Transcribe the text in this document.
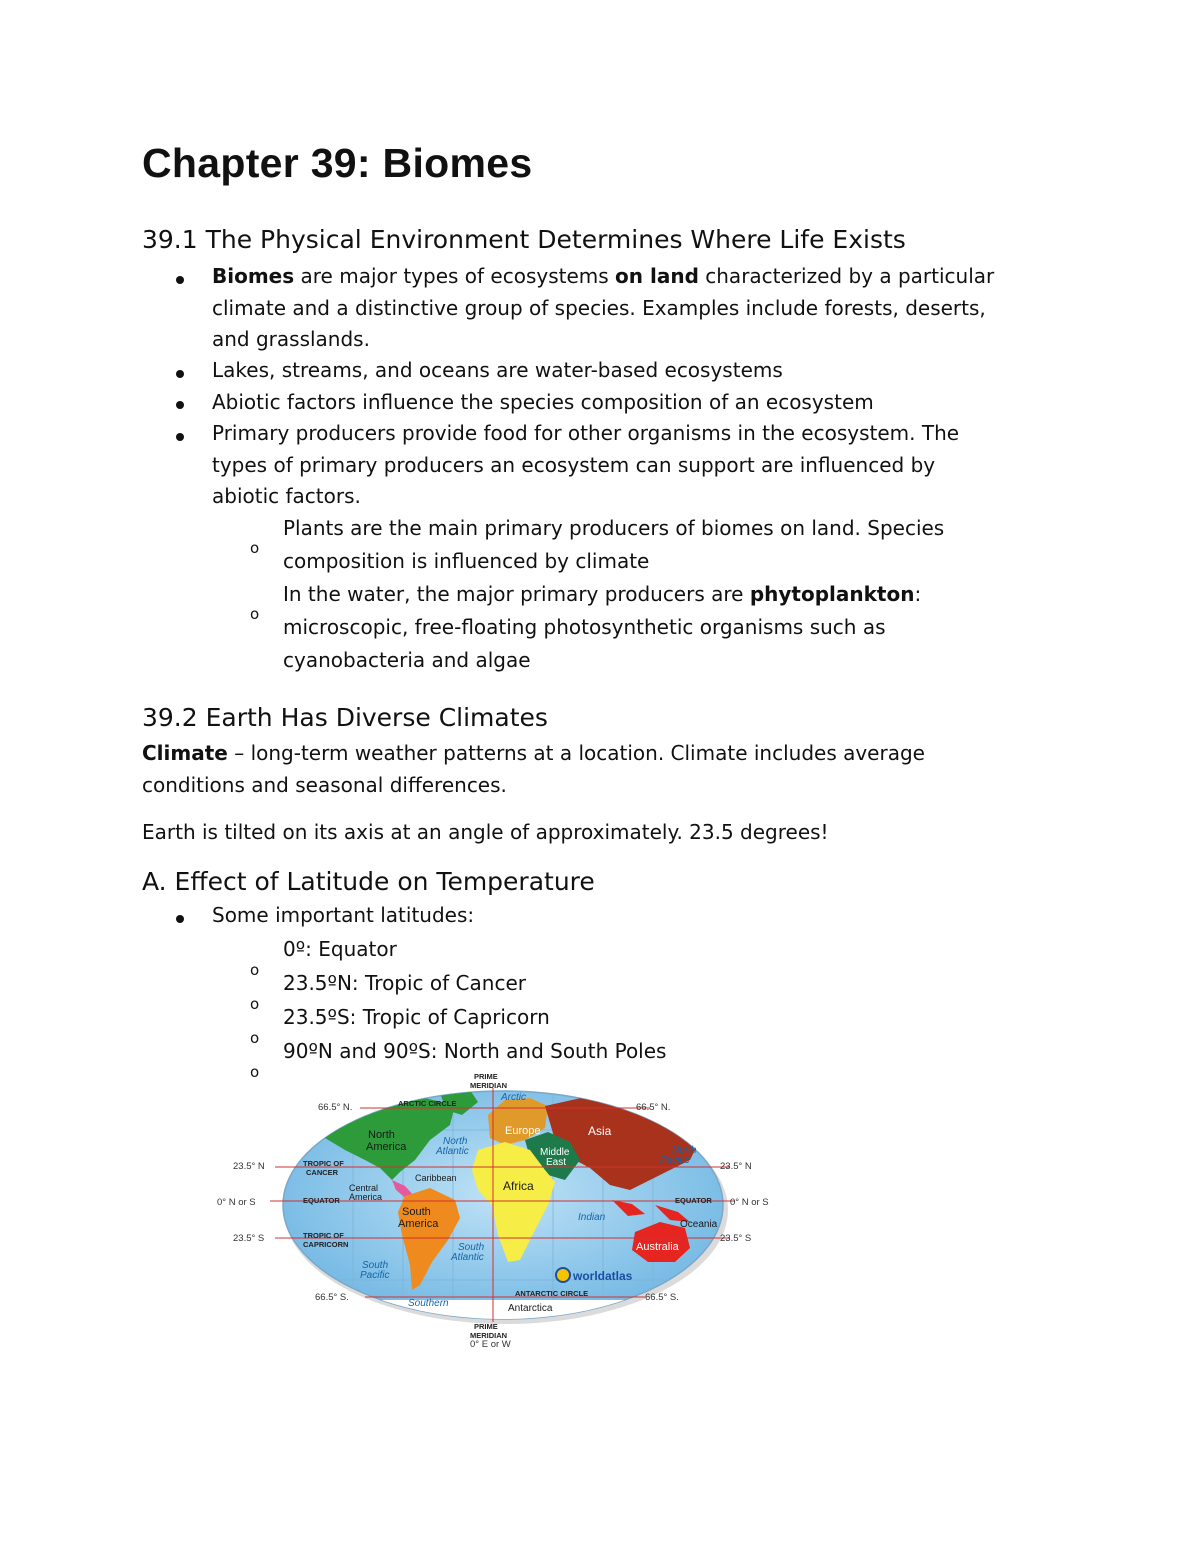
Chapter 39: Biomes
39.1 The Physical Environment Determines Where Life Exists
Biomes are major types of ecosystems on land characterized by a particular
climate and a distinctive group of species. Examples include forests, deserts,
and grasslands.
Lakes, streams, and oceans are water-based ecosystems
Abiotic factors influence the species composition of an ecosystem
Primary producers provide food for other organisms in the ecosystem. The
types of primary producers an ecosystem can support are influenced by
abiotic factors.
o
Plants are the main primary producers of biomes on land. Species
composition is influenced by climate
o
In the water, the major primary producers are phytoplankton:
microscopic, free-floating photosynthetic organisms such as
cyanobacteria and algae
39.2 Earth Has Diverse Climates
Climate – long-term weather patterns at a location. Climate includes average
conditions and seasonal differences.
Earth is tilted on its axis at an angle of approximately. 23.5 degrees!
A. Effect of Latitude on Temperature
Some important latitudes:
o
0º: Equator
o
23.5ºN: Tropic of Cancer
o
23.5ºS: Tropic of Capricorn
o
90ºN and 90ºS: North and South Poles
North
America
Central
America
South
America
Europe	Asia
Middle
East
Africa
Australia
Oceania
Antarctica
Caribbean
Arctic
North
Atlantic
South
Atlantic
North
Pacific
South
Pacific
Indian
Southern
worldatlas
ARCTIC CIRCLE
ANTARCTIC CIRCLE
TROPIC OF
CANCER
TROPIC OF
CAPRICORN
EQUATOR	EQUATOR
PRIME
MERIDIAN
PRIME
MERIDIAN
66.5° N.	66.5° N.
23.5° N	23.5° N
0° N or S	0° N or S
23.5° S	23.5° S
66.5° S.	66.5° S.
0° E or W
